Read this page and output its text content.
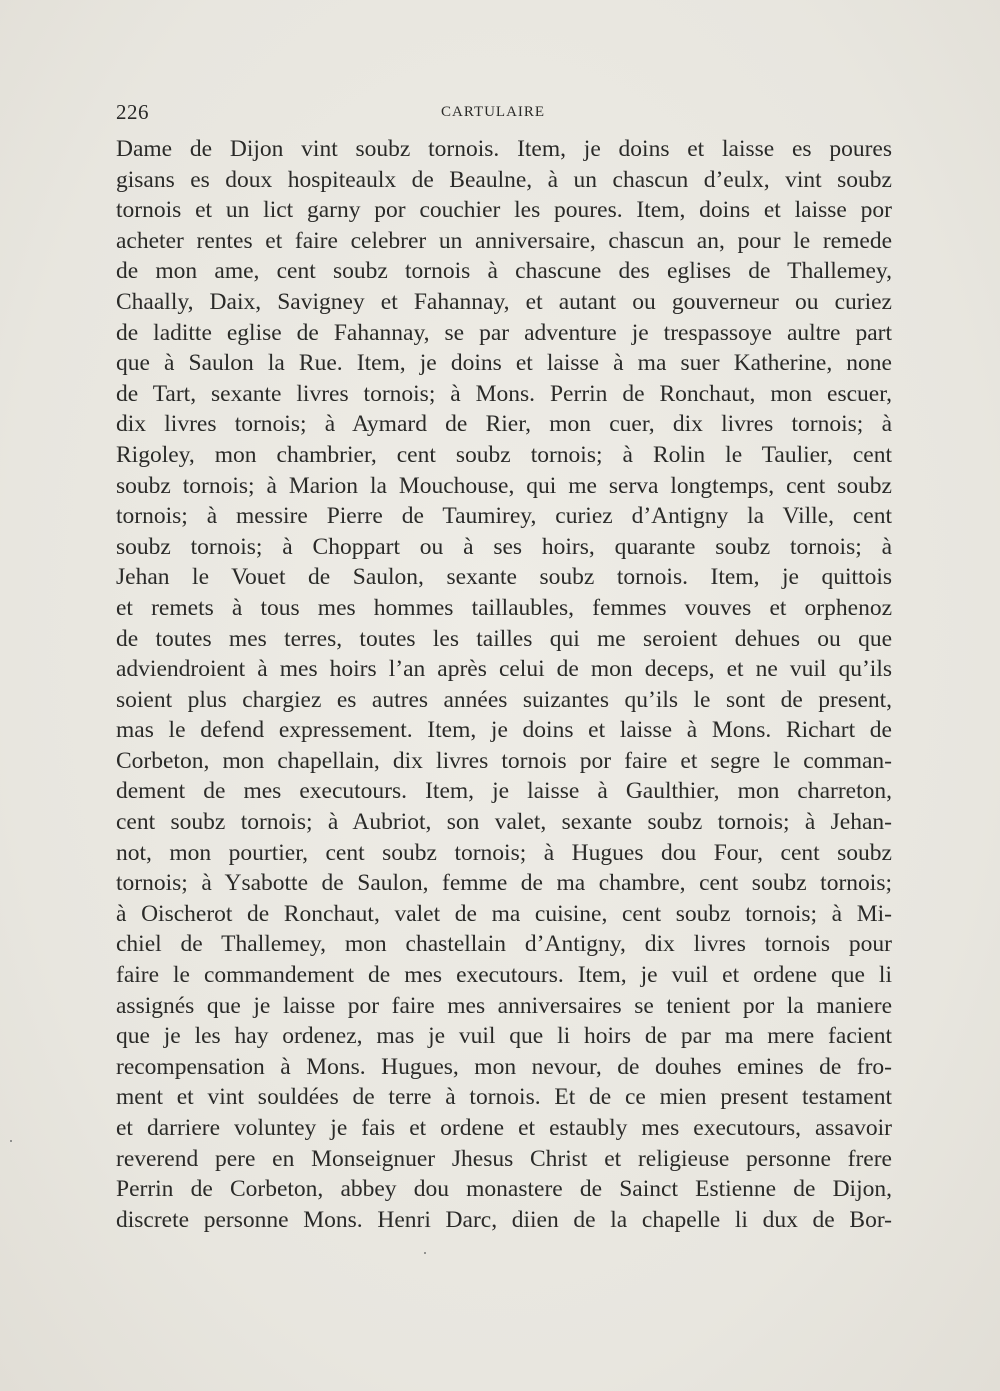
226	CARTULAIRE
Dame de Dijon vint soubz tornois. Item, je doins et laisse es poures
gisans es doux hospiteaulx de Beaulne, à un chascun d’eulx, vint soubz
tornois et un lict garny por couchier les poures. Item, doins et laisse por
acheter rentes et faire celebrer un anniversaire, chascun an, pour le remede
de mon ame, cent soubz tornois à chascune des eglises de Thallemey,
Chaally, Daix, Savigney et Fahannay, et autant ou gouverneur ou curiez
de laditte eglise de Fahannay, se par adventure je trespassoye aultre part
que à Saulon la Rue. Item, je doins et laisse à ma suer Katherine, none
de Tart, sexante livres tornois; à Mons. Perrin de Ronchaut, mon escuer,
dix livres tornois; à Aymard de Rier, mon cuer, dix livres tornois; à
Rigoley, mon chambrier, cent soubz tornois; à Rolin le Taulier, cent
soubz tornois; à Marion la Mouchouse, qui me serva longtemps, cent soubz
tornois; à messire Pierre de Taumirey, curiez d’Antigny la Ville, cent
soubz tornois; à Choppart ou à ses hoirs, quarante soubz tornois; à
Jehan le Vouet de Saulon, sexante soubz tornois. Item, je quittois
et remets à tous mes hommes taillaubles, femmes vouves et orphenoz
de toutes mes terres, toutes les tailles qui me seroient dehues ou que
adviendroient à mes hoirs l’an après celui de mon deceps, et ne vuil qu’ils
soient plus chargiez es autres années suizantes qu’ils le sont de present,
mas le defend expressement. Item, je doins et laisse à Mons. Richart de
Corbeton, mon chapellain, dix livres tornois por faire et segre le comman-
dement de mes executours. Item, je laisse à Gaulthier, mon charreton,
cent soubz tornois; à Aubriot, son valet, sexante soubz tornois; à Jehan-
not, mon pourtier, cent soubz tornois; à Hugues dou Four, cent soubz
tornois; à Ysabotte de Saulon, femme de ma chambre, cent soubz tornois;
à Oischerot de Ronchaut, valet de ma cuisine, cent soubz tornois; à Mi-
chiel de Thallemey, mon chastellain d’Antigny, dix livres tornois pour
faire le commandement de mes executours. Item, je vuil et ordene que li
assignés que je laisse por faire mes anniversaires se tenient por la maniere
que je les hay ordenez, mas je vuil que li hoirs de par ma mere facient
recompensation à Mons. Hugues, mon nevour, de douhes emines de fro-
ment et vint souldées de terre à tornois. Et de ce mien present testament
et darriere voluntey je fais et ordene et estaubly mes executours, assavoir
reverend pere en Monseignuer Jhesus Christ et religieuse personne frere
Perrin de Corbeton, abbey dou monastere de Sainct Estienne de Dijon,
discrete personne Mons. Henri Darc, diien de la chapelle li dux de Bor-
